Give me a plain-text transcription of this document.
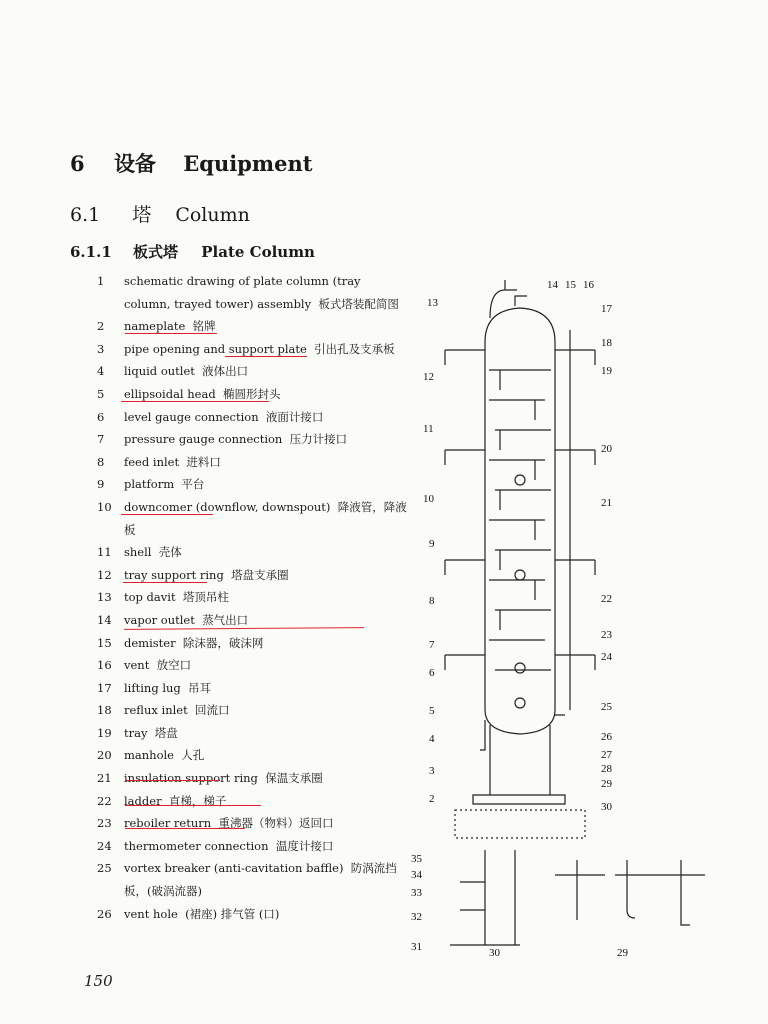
6 设备 Equipment
6.1 塔 Column
6.1.1 板式塔 Plate Column
1	schematic drawing of plate column (tray column, trayed tower) assembly  板式塔装配简图
2	nameplate  铭牌
3	pipe opening and support plate  引出孔及支承板
4	liquid outlet  液体出口
5	ellipsoidal head  椭圆形封头
6	level gauge connection  液面计接口
7	pressure gauge connection  压力计接口
8	feed inlet  进料口
9	platform  平台
10	downcomer (downflow, downspout)  降液管，降液板
11	shell  壳体
12	tray support ring  塔盘支承圈
13	top davit  塔顶吊柱
14	vapor outlet  蒸气出口
15	demister  除沫器，破沫网
16	vent  放空口
17	lifting lug  吊耳
18	reflux inlet  回流口
19	tray  塔盘
20	manhole  人孔
21	insulation support ring  保温支承圈
22	ladder  直梯，梯子
23	reboiler return  重沸器（物料）返回口
24	thermometer connection  温度计接口
25	vortex breaker (anti-cavitation baffle)  防涡流挡板，(破涡流器)
26	vent hole  (裙座) 排气管 (口)
13
12
11
10
9
8
7
6
5
4
3
2
14 15 16
17
18
19
20
21
22
23
24
25
26
27
28
29
30
35
34
33
32
31	30	29
150
